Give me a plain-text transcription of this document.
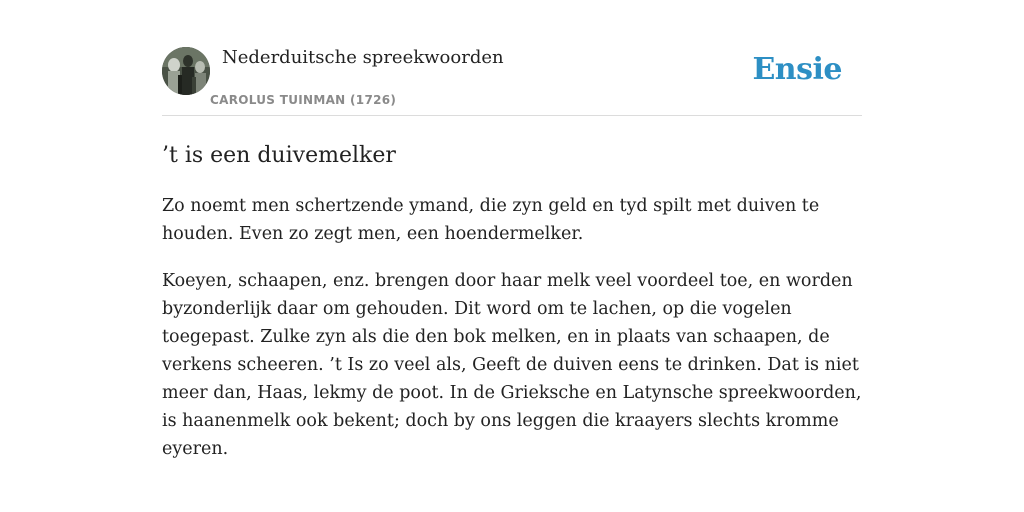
Nederduitsche spreekwoorden
CAROLUS TUINMAN (1726)
Ensie
’t is een duivemelker

Zo noemt men schertzende ymand, die zyn geld en tyd spilt met duiven te houden. Even zo zegt men, een hoendermelker.

Koeyen, schaapen, enz. brengen door haar melk veel voordeel toe, en worden byzonderlijk daar om gehouden. Dit word om te lachen, op die vogelen toegepast. Zulke zyn als die den bok melken, en in plaats van schaapen, de verkens scheeren. ’t Is zo veel als, Geeft de duiven eens te drinken. Dat is niet meer dan, Haas, lekmy de poot. In de Grieksche en Latynsche spreekwoorden, is haanenmelk ook bekent; doch by ons leggen die kraayers slechts kromme eyeren.
